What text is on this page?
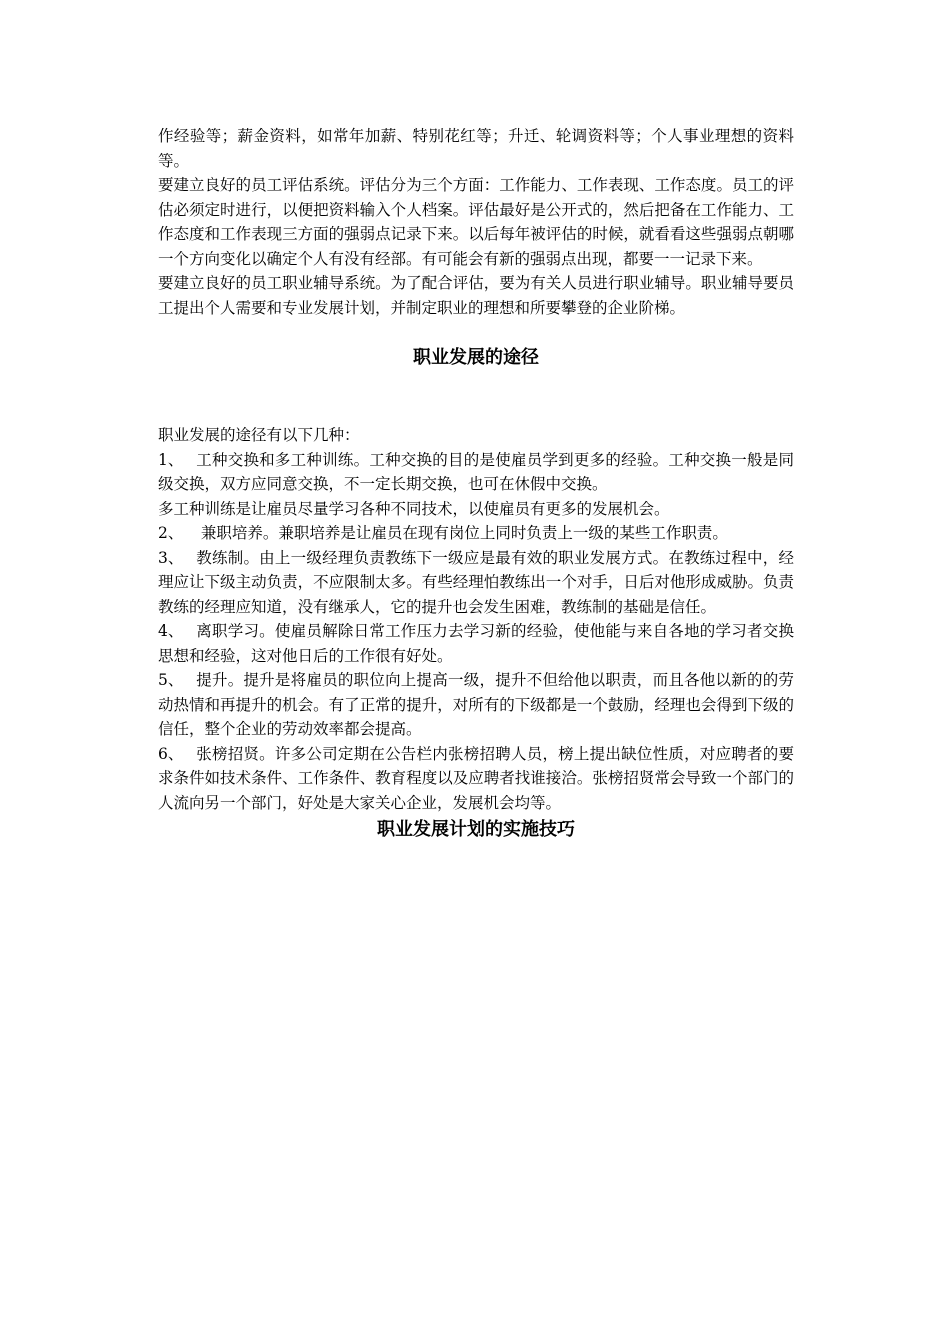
作经验等；薪金资料，如常年加薪、特别花红等；升迁、轮调资料等；个人事业理想的资料等。

要建立良好的员工评估系统。评估分为三个方面：工作能力、工作表现、工作态度。员工的评估必须定时进行，以便把资料输入个人档案。评估最好是公开式的，然后把备在工作能力、工作态度和工作表现三方面的强弱点记录下来。以后每年被评估的时候，就看看这些强弱点朝哪一个方向变化以确定个人有没有经部。有可能会有新的强弱点出现，都要一一记录下来。

要建立良好的员工职业辅导系统。为了配合评估，要为有关人员进行职业辅导。职业辅导要员工提出个人需要和专业发展计划，并制定职业的理想和所要攀登的企业阶梯。

职业发展的途径

职业发展的途径有以下几种：

1、 工种交换和多工种训练。工种交换的目的是使雇员学到更多的经验。工种交换一般是同级交换，双方应同意交换，不一定长期交换，也可在休假中交换。

多工种训练是让雇员尽量学习各种不同技术，以使雇员有更多的发展机会。

2、 兼职培养。兼职培养是让雇员在现有岗位上同时负责上一级的某些工作职责。

3、 教练制。由上一级经理负责教练下一级应是最有效的职业发展方式。在教练过程中，经理应让下级主动负责，不应限制太多。有些经理怕教练出一个对手，日后对他形成威胁。负责教练的经理应知道，没有继承人，它的提升也会发生困难，教练制的基础是信任。

4、 离职学习。使雇员解除日常工作压力去学习新的经验，使他能与来自各地的学习者交换思想和经验，这对他日后的工作很有好处。

5、 提升。提升是将雇员的职位向上提高一级，提升不但给他以职责，而且各他以新的的劳动热情和再提升的机会。有了正常的提升，对所有的下级都是一个鼓励，经理也会得到下级的信任，整个企业的劳动效率都会提高。

6、 张榜招贤。许多公司定期在公告栏内张榜招聘人员，榜上提出缺位性质，对应聘者的要求条件如技术条件、工作条件、教育程度以及应聘者找谁接洽。张榜招贤常会导致一个部门的人流向另一个部门，好处是大家关心企业，发展机会均等。

职业发展计划的实施技巧
